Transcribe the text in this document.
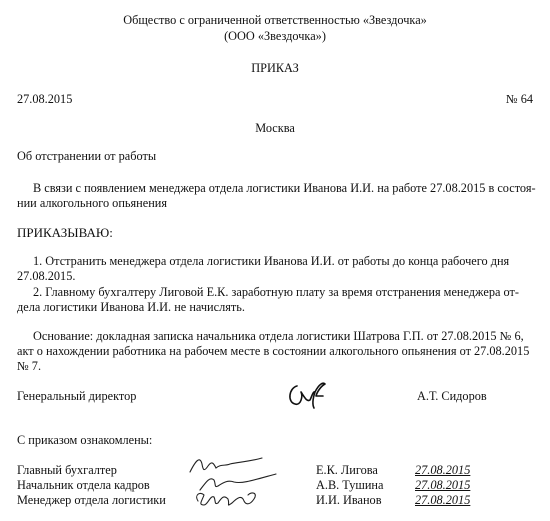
Общество с ограниченной ответственностью «Звездочка»
(ООО «Звездочка»)
ПРИКАЗ
27.08.2015	№ 64
Москва
Об отстранении от работы
В связи с появлением менеджера отдела логистики Иванова И.И. на работе 27.08.2015 в состоя-
нии алкогольного опьянения
ПРИКАЗЫВАЮ:
1. Отстранить менеджера отдела логистики Иванова И.И. от работы до конца рабочего дня
27.08.2015.
2. Главному бухгалтеру Лиговой Е.К. заработную плату за время отстранения менеджера от-
дела логистики Иванова И.И. не начислять.
Основание: докладная записка начальника отдела логистики Шатрова Г.П. от 27.08.2015 № 6,
акт о нахождении работника на рабочем месте в состоянии алкогольного опьянения от 27.08.2015
№ 7.
Генеральный директор	А.Т. Сидоров
С приказом ознакомлены:
Главный бухгалтер	Е.К. Лигова	27.08.2015
Начальник отдела кадров	А.В. Тушина	27.08.2015
Менеджер отдела логистики	И.И. Иванов	27.08.2015
